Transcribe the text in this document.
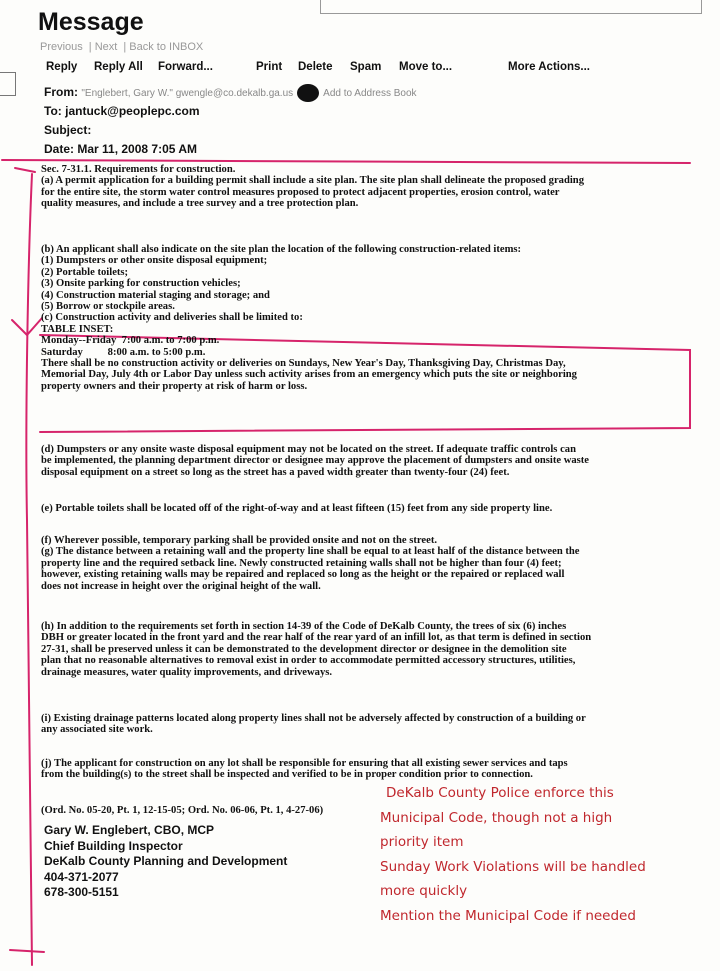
Message
Previous | Next | Back to INBOX
Reply Reply All Forward...	Print Delete Spam Move to...	More Actions...
From: "Englebert, Gary W." gwengle@co.dekalb.ga.us	Add to Address Book
To: jantuck@peoplepc.com
Subject:
Date: Mar 11, 2008 7:05 AM
Sec. 7-31.1. Requirements for construction.
(a) A permit application for a building permit shall include a site plan. The site plan shall delineate the proposed grading
for the entire site, the storm water control measures proposed to protect adjacent properties, erosion control, water
quality measures, and include a tree survey and a tree protection plan.
(b) An applicant shall also indicate on the site plan the location of the following construction-related items:
(1) Dumpsters or other onsite disposal equipment;
(2) Portable toilets;
(3) Onsite parking for construction vehicles;
(4) Construction material staging and storage; and
(5) Borrow or stockpile areas.
(c) Construction activity and deliveries shall be limited to:
TABLE INSET:
Monday--Friday 7:00 a.m. to 7:00 p.m.
Saturday 8:00 a.m. to 5:00 p.m.
There shall be no construction activity or deliveries on Sundays, New Year's Day, Thanksgiving Day, Christmas Day,
Memorial Day, July 4th or Labor Day unless such activity arises from an emergency which puts the site or neighboring
property owners and their property at risk of harm or loss.
(d) Dumpsters or any onsite waste disposal equipment may not be located on the street. If adequate traffic controls can
be implemented, the planning department director or designee may approve the placement of dumpsters and onsite waste
disposal equipment on a street so long as the street has a paved width greater than twenty-four (24) feet.
(e) Portable toilets shall be located off of the right-of-way and at least fifteen (15) feet from any side property line.
(f) Wherever possible, temporary parking shall be provided onsite and not on the street.
(g) The distance between a retaining wall and the property line shall be equal to at least half of the distance between the
property line and the required setback line. Newly constructed retaining walls shall not be higher than four (4) feet;
however, existing retaining walls may be repaired and replaced so long as the height or the repaired or replaced wall
does not increase in height over the original height of the wall.
(h) In addition to the requirements set forth in section 14-39 of the Code of DeKalb County, the trees of six (6) inches
DBH or greater located in the front yard and the rear half of the rear yard of an infill lot, as that term is defined in section
27-31, shall be preserved unless it can be demonstrated to the development director or designee in the demolition site
plan that no reasonable alternatives to removal exist in order to accommodate permitted accessory structures, utilities,
drainage measures, water quality improvements, and driveways.
(i) Existing drainage patterns located along property lines shall not be adversely affected by construction of a building or
any associated site work.
(j) The applicant for construction on any lot shall be responsible for ensuring that all existing sewer services and taps
from the building(s) to the street shall be inspected and verified to be in proper condition prior to connection.
(Ord. No. 05-20, Pt. 1, 12-15-05; Ord. No. 06-06, Pt. 1, 4-27-06)
Gary W. Englebert, CBO, MCP
Chief Building Inspector
DeKalb County Planning and Development
404-371-2077
678-300-5151
DeKalb County Police enforce this
Municipal Code, though not a high
priority item
Sunday Work Violations will be handled
more quickly
Mention the Municipal Code if needed
